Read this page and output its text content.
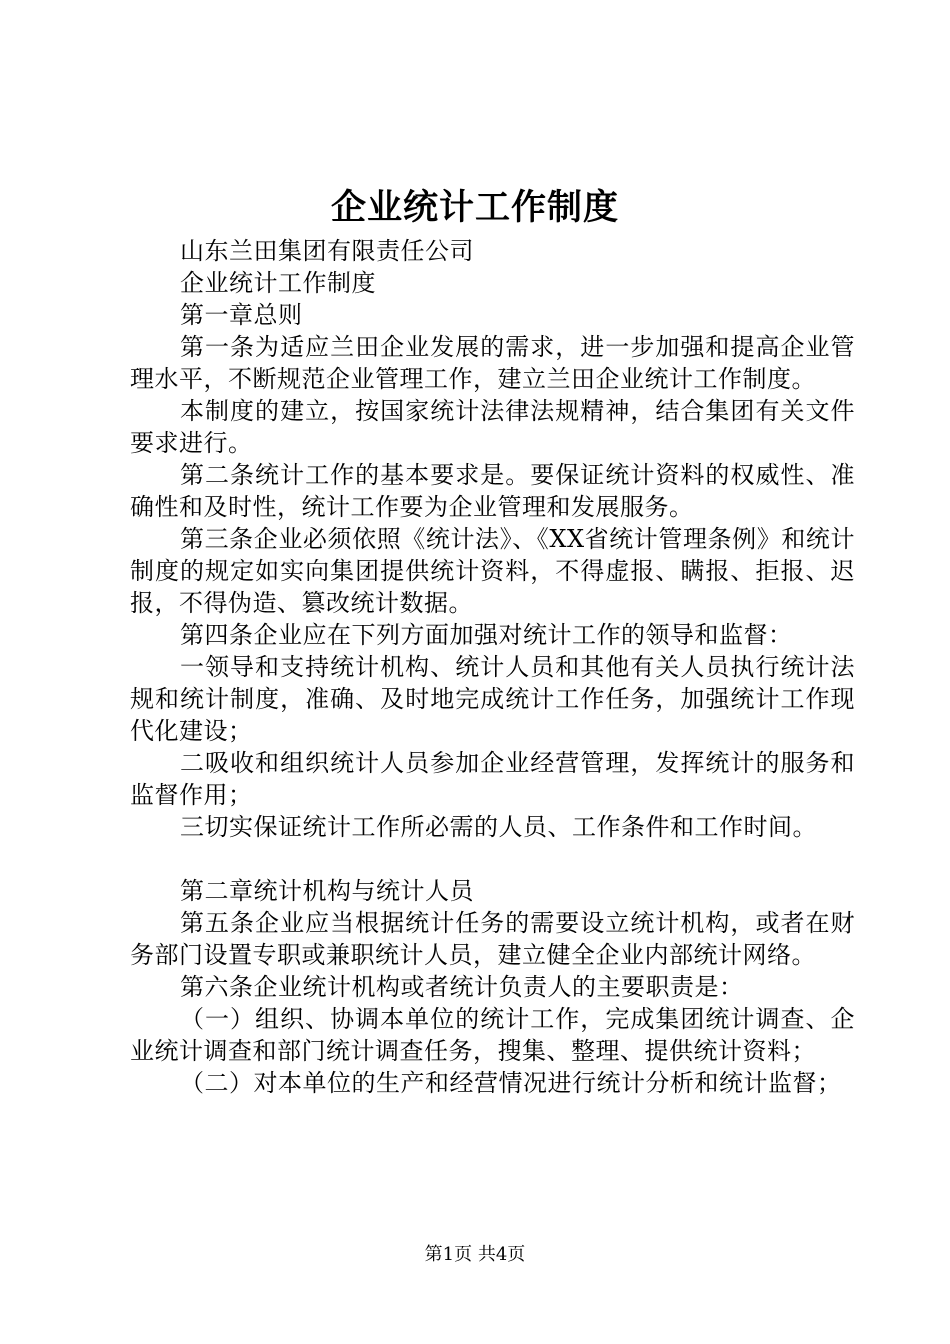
企业统计工作制度

山东兰田集团有限责任公司

企业统计工作制度

第一章总则

第一条为适应兰田企业发展的需求，进一步加强和提高企业管理水平，不断规范企业管理工作，建立兰田企业统计工作制度。

本制度的建立，按国家统计法律法规精神，结合集团有关文件要求进行。

第二条统计工作的基本要求是。要保证统计资料的权威性、准确性和及时性，统计工作要为企业管理和发展服务。

第三条企业必须依照《统计法》、《XX省统计管理条例》和统计制度的规定如实向集团提供统计资料，不得虚报、瞒报、拒报、迟报，不得伪造、篡改统计数据。

第四条企业应在下列方面加强对统计工作的领导和监督：

一领导和支持统计机构、统计人员和其他有关人员执行统计法规和统计制度，准确、及时地完成统计工作任务，加强统计工作现代化建设；

二吸收和组织统计人员参加企业经营管理，发挥统计的服务和监督作用；

三切实保证统计工作所必需的人员、工作条件和工作时间。

第二章统计机构与统计人员

第五条企业应当根据统计任务的需要设立统计机构，或者在财务部门设置专职或兼职统计人员，建立健全企业内部统计网络。

第六条企业统计机构或者统计负责人的主要职责是：

（一）组织、协调本单位的统计工作，完成集团统计调查、企业统计调查和部门统计调查任务，搜集、整理、提供统计资料；

（二）对本单位的生产和经营情况进行统计分析和统计监督；

第1页 共4页
